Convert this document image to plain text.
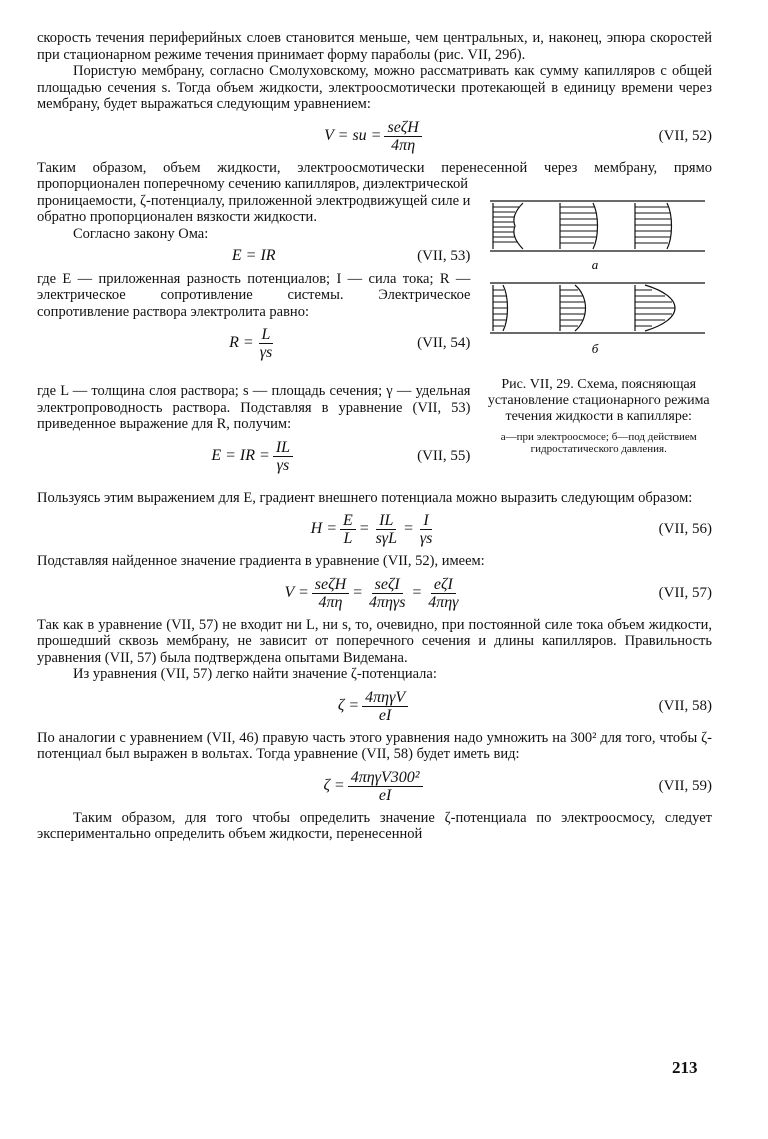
скорость течения периферийных слоев становится меньше, чем центральных, и, наконец, эпюра скоростей при стационарном режиме течения принимает форму параболы (рис. VII, 29б).

Пористую мембрану, согласно Смолуховскому, можно рассматривать как сумму капилляров с общей площадью сечения s. Тогда объем жидкости, электроосмотически протекающей в единицу времени через мембрану, будет выражаться следующим уравнением:

V = su = $\frac{\text{seζH}}{4\pi\eta}$	(VII, 52)

Таким образом, объем жидкости, электроосмотически перенесенной через мембрану, прямо пропорционален поперечному сечению капилляров, диэлектрической

проницаемости, ζ-потенциалу, приложенной электродвижущей силе и обратно пропорционален вязкости жидкости.

Согласно закону Ома:

E = IR	(VII, 53)

где E — приложенная разность потенциалов; I — сила тока; R — электрическое сопротивление системы. Электрическое сопротивление раствора электролита равно:

$R = \frac{L}{\gamma s}$	(VII, 54)

где L — толщина слоя раствора; s — площадь сечения; γ — удельная электропроводность раствора. Подставляя в уравнение (VII, 53) приведенное выражение для R, получим:

E = IR = $\frac{IL}{\gamma s}$	(VII, 55)
а
б
Рис. VII, 29. Схема, поясняющая установление стационарного режима течения жидкости в капилляре:
а—при электроосмосе; б—под действием гидростатического давления.

Пользуясь этим выражением для E, градиент внешнего потенциала можно выразить следующим образом:

$H = \frac{E}{L} = \frac{IL}{\text{sγL}} = \frac{I}{\gamma s}$	(VII, 56)

Подставляя найденное значение градиента в уравнение (VII, 52), имеем:

$V = \frac{\text{seζH}}{4\pi\eta} = \frac{\text{seζI}}{\text{4πηγs}} = \frac{\text{eζI}}{\text{4πηγ}}$	(VII, 57)

Так как в уравнение (VII, 57) не входит ни L, ни s, то, очевидно, при постоянной силе тока объем жидкости, прошедший сквозь мембрану, не зависит от поперечного сечения и длины капилляров. Правильность уравнения (VII, 57) была подтверждена опытами Видемана.

Из уравнения (VII, 57) легко найти значение ζ-потенциала:

$\zeta = \frac{\text{4πηγV}}{eI}$	(VII, 58)

По аналогии с уравнением (VII, 46) правую часть этого уравнения надо умножить на 300² для того, чтобы ζ-потенциал был выражен в вольтах. Тогда уравнение (VII, 58) будет иметь вид:

$\zeta = \frac{\text{4πηγV300²}}{eI}$	(VII, 59)

Таким образом, для того чтобы определить значение ζ-потенциала по электроосмосу, следует экспериментально определить объем жидкости, перенесенной

213
